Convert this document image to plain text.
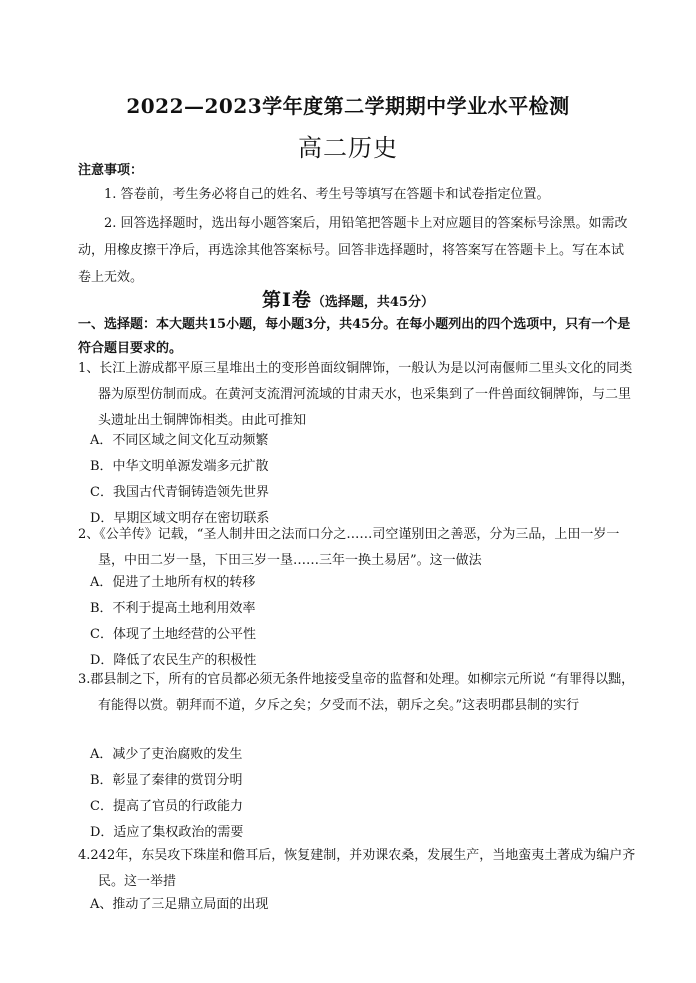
2022—2023学年度第二学期期中学业水平检测
高二历史
注意事项：
1. 答卷前，考生务必将自己的姓名、考生号等填写在答题卡和试卷指定位置。
2. 回答选择题时，选出每小题答案后，用铅笔把答题卡上对应题目的答案标号涂黑。如需改动，用橡皮擦干净后，再选涂其他答案标号。回答非选择题时，将答案写在答题卡上。写在本试卷上无效。
第Ⅰ卷（选择题，共45分）
一、选择题：本大题共15小题，每小题3分，共45分。在每小题列出的四个选项中，只有一个是符合题目要求的。
1、长江上游成都平原三星堆出土的变形兽面纹铜牌饰，一般认为是以河南偃师二里头文化的同类器为原型仿制而成。在黄河支流渭河流域的甘肃天水，也采集到了一件兽面纹铜牌饰，与二里头遗址出土铜牌饰相类。由此可推知
A．不同区域之间文化互动频繁
B．中华文明单源发端多元扩散
C．我国古代青铜铸造领先世界
D．早期区域文明存在密切联系
2、《公羊传》记载，“圣人制井田之法而口分之……司空谨别田之善恶，分为三品，上田一岁一垦，中田二岁一垦，下田三岁一垦……三年一换土易居”。这一做法
A．促进了土地所有权的转移
B．不利于提高土地利用效率
C．体现了土地经营的公平性
D．降低了农民生产的积极性
3.郡县制之下，所有的官员都必须无条件地接受皇帝的监督和处理。如柳宗元所说 “有罪得以黜，有能得以赏。朝拜而不道，夕斥之矣；夕受而不法，朝斥之矣。”这表明郡县制的实行
A．减少了吏治腐败的发生
B．彰显了秦律的赏罚分明
C．提高了官员的行政能力
D．适应了集权政治的需要
4.242年，东吴攻下珠崖和儋耳后，恢复建制，并劝课农桑，发展生产，当地蛮夷土著成为编户齐民。这一举措
A、推动了三足鼎立局面的出现
